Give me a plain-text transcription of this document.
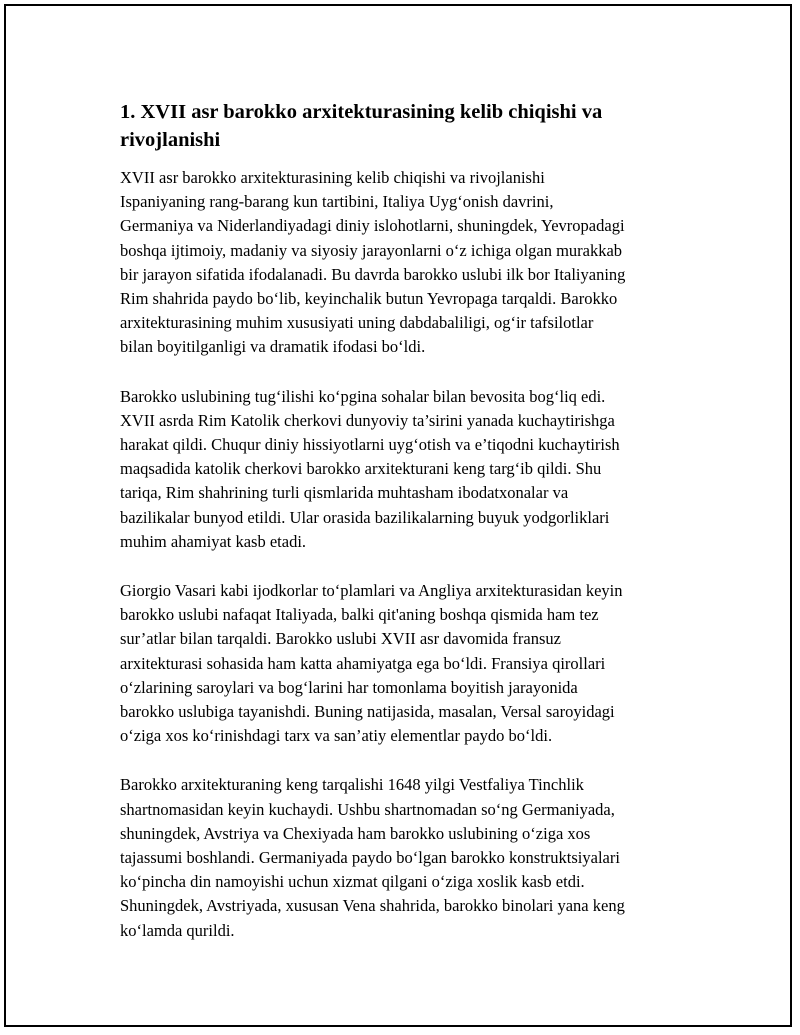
1. XVII asr barokko arxitekturasining kelib chiqishi va
rivojlanishi

XVII asr barokko arxitekturasining kelib chiqishi va rivojlanishi
Ispaniyaning rang-barang kun tartibini, Italiya Uyg‘onish davrini,
Germaniya va Niderlandiyadagi diniy islohotlarni, shuningdek, Yevropadagi
boshqa ijtimoiy, madaniy va siyosiy jarayonlarni o‘z ichiga olgan murakkab
bir jarayon sifatida ifodalanadi. Bu davrda barokko uslubi ilk bor Italiyaning
Rim shahrida paydo bo‘lib, keyinchalik butun Yevropaga tarqaldi. Barokko
arxitekturasining muhim xususiyati uning dabdabaliligi, og‘ir tafsilotlar
bilan boyitilganligi va dramatik ifodasi bo‘ldi.

Barokko uslubining tug‘ilishi ko‘pgina sohalar bilan bevosita bog‘liq edi.
XVII asrda Rim Katolik cherkovi dunyoviy ta’sirini yanada kuchaytirishga
harakat qildi. Chuqur diniy hissiyotlarni uyg‘otish va e’tiqodni kuchaytirish
maqsadida katolik cherkovi barokko arxitekturani keng targ‘ib qildi. Shu
tariqa, Rim shahrining turli qismlarida muhtasham ibodatxonalar va
bazilikalar bunyod etildi. Ular orasida bazilikalarning buyuk yodgorliklari
muhim ahamiyat kasb etadi.

Giorgio Vasari kabi ijodkorlar to‘plamlari va Angliya arxitekturasidan keyin
barokko uslubi nafaqat Italiyada, balki qit'aning boshqa qismida ham tez
sur’atlar bilan tarqaldi. Barokko uslubi XVII asr davomida fransuz
arxitekturasi sohasida ham katta ahamiyatga ega bo‘ldi. Fransiya qirollari
o‘zlarining saroylari va bog‘larini har tomonlama boyitish jarayonida
barokko uslubiga tayanishdi. Buning natijasida, masalan, Versal saroyidagi
o‘ziga xos ko‘rinishdagi tarx va san’atiy elementlar paydo bo‘ldi.

Barokko arxitekturaning keng tarqalishi 1648 yilgi Vestfaliya Tinchlik
shartnomasidan keyin kuchaydi. Ushbu shartnomadan so‘ng Germaniyada,
shuningdek, Avstriya va Chexiyada ham barokko uslubining o‘ziga xos
tajassumi boshlandi. Germaniyada paydo bo‘lgan barokko konstruktsiyalari
ko‘pincha din namoyishi uchun xizmat qilgani o‘ziga xoslik kasb etdi.
Shuningdek, Avstriyada, xususan Vena shahrida, barokko binolari yana keng
ko‘lamda qurildi.
